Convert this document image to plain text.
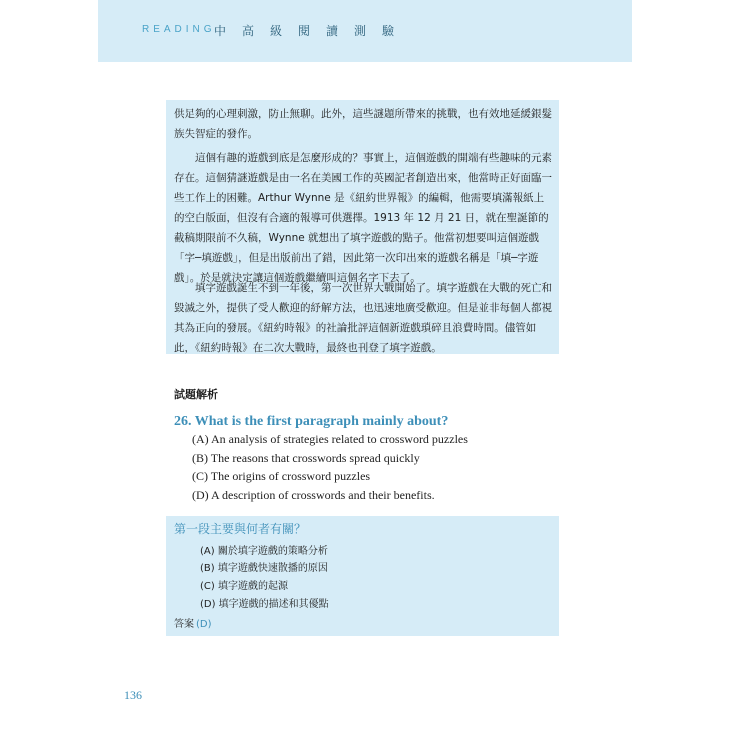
READING
中高級閱讀測驗

供足夠的心理刺激，防止無聊。此外，這些謎題所帶來的挑戰，也有效地延緩銀髮族失智症的發作。

這個有趣的遊戲到底是怎麼形成的？事實上，這個遊戲的開端有些趣味的元素存在。這個猜謎遊戲是由一名在美國工作的英國記者創造出來，他當時正好面臨一些工作上的困難。Arthur Wynne 是《紐約世界報》的編輯，他需要填滿報紙上的空白版面，但沒有合適的報導可供選擇。1913 年 12 月 21 日，就在聖誕節的截稿期限前不久稿，Wynne 就想出了填字遊戲的點子。他當初想要叫這個遊戲「字─填遊戲」，但是出版前出了錯，因此第一次印出來的遊戲名稱是「填─字遊戲」。於是就決定讓這個遊戲繼續叫這個名字下去了。

填字遊戲誕生不到一年後，第一次世界大戰開始了。填字遊戲在大戰的死亡和毀滅之外，提供了受人歡迎的紓解方法，也迅速地廣受歡迎。但是並非每個人都視其為正向的發展。《紐約時報》的社論批評這個新遊戲瑣碎且浪費時間。儘管如此，《紐約時報》在二次大戰時，最終也刊登了填字遊戲。

試題解析
26. What is the first paragraph mainly about?
(A) An analysis of strategies related to crossword puzzles
(B) The reasons that crosswords spread quickly
(C) The origins of crossword puzzles
(D) A description of crosswords and their benefits.
第一段主要與何者有關？
(A) 關於填字遊戲的策略分析
(B) 填字遊戲快速散播的原因
(C) 填字遊戲的起源
(D) 填字遊戲的描述和其優點
答案 (D)
136
